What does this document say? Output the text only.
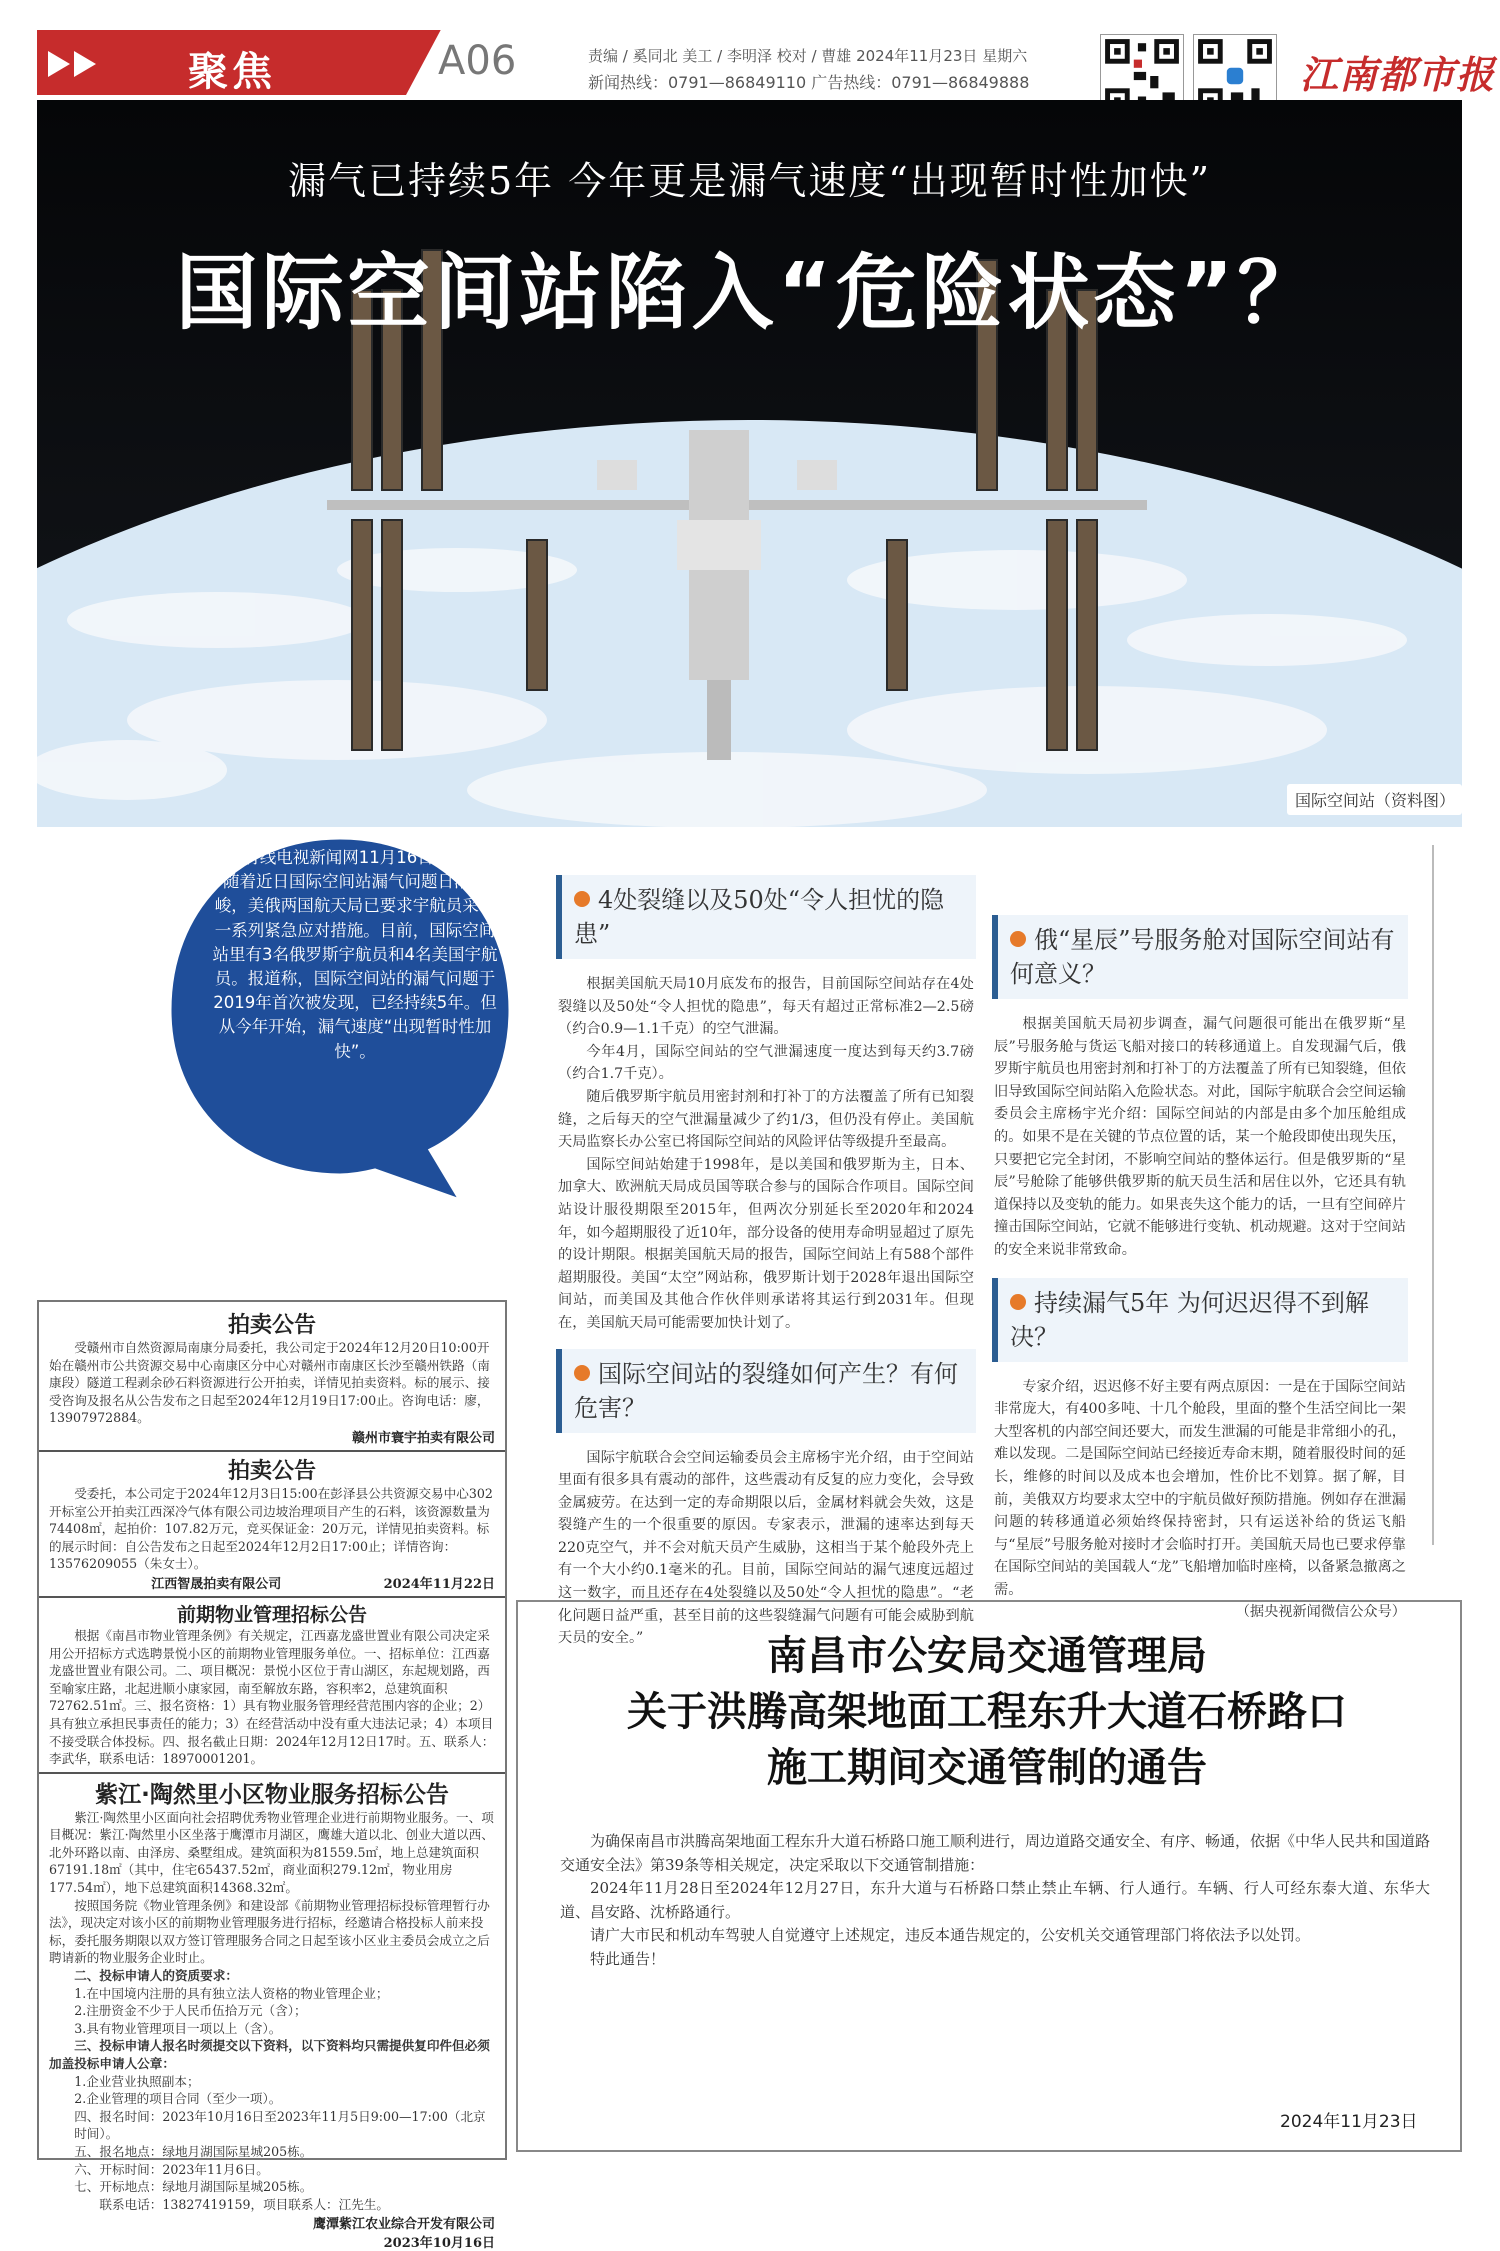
聚焦	A06	责编 / 奚同北 美工 / 李明泽 校对 / 曹雄 2024年11月23日 星期六
新闻热线：0791—86849110 广告热线：0791—86849888	江南都市报
漏气已持续5年 今年更是漏气速度“出现暂时性加快”
国际空间站陷入“危险状态”？
国际空间站（资料图）
美国有线电视新闻网11月16日报道称，随着近日国际空间站漏气问题日渐严峻，美俄两国航天局已要求宇航员采取一系列紧急应对措施。目前，国际空间站里有3名俄罗斯宇航员和4名美国宇航员。报道称，国际空间站的漏气问题于2019年首次被发现，已经持续5年。但从今年开始，漏气速度“出现暂时性加快”。
4处裂缝以及50处“令人担忧的隐患”

根据美国航天局10月底发布的报告，目前国际空间站存在4处裂缝以及50处“令人担忧的隐患”，每天有超过正常标准2—2.5磅（约合0.9—1.1千克）的空气泄漏。

今年4月，国际空间站的空气泄漏速度一度达到每天约3.7磅（约合1.7千克）。

随后俄罗斯宇航员用密封剂和打补丁的方法覆盖了所有已知裂缝，之后每天的空气泄漏量减少了约1/3，但仍没有停止。美国航天局监察长办公室已将国际空间站的风险评估等级提升至最高。

国际空间站始建于1998年，是以美国和俄罗斯为主，日本、加拿大、欧洲航天局成员国等联合参与的国际合作项目。国际空间站设计服役期限至2015年，但两次分别延长至2020年和2024年，如今超期服役了近10年，部分设备的使用寿命明显超过了原先的设计期限。根据美国航天局的报告，国际空间站上有588个部件超期服役。美国“太空”网站称，俄罗斯计划于2028年退出国际空间站，而美国及其他合作伙伴则承诺将其运行到2031年。但现在，美国航天局可能需要加快计划了。

国际空间站的裂缝如何产生？有何危害？

国际宇航联合会空间运输委员会主席杨宇光介绍，由于空间站里面有很多具有震动的部件，这些震动有反复的应力变化，会导致金属疲劳。在达到一定的寿命期限以后，金属材料就会失效，这是裂缝产生的一个很重要的原因。专家表示，泄漏的速率达到每天220克空气，并不会对航天员产生威胁，这相当于某个舱段外壳上有一个大小约0.1毫米的孔。目前，国际空间站的漏气速度远超过这一数字，而且还存在4处裂缝以及50处“令人担忧的隐患”。“老化问题日益严重，甚至目前的这些裂缝漏气问题有可能会威胁到航天员的安全。”

俄“星辰”号服务舱对国际空间站有何意义？

根据美国航天局初步调查，漏气问题很可能出在俄罗斯“星辰”号服务舱与货运飞船对接口的转移通道上。自发现漏气后，俄罗斯宇航员也用密封剂和打补丁的方法覆盖了所有已知裂缝，但依旧导致国际空间站陷入危险状态。对此，国际宇航联合会空间运输委员会主席杨宇光介绍：国际空间站的内部是由多个加压舱组成的。如果不是在关键的节点位置的话，某一个舱段即使出现失压，只要把它完全封闭，不影响空间站的整体运行。但是俄罗斯的“星辰”号舱除了能够供俄罗斯的航天员生活和居住以外，它还具有轨道保持以及变轨的能力。如果丧失这个能力的话，一旦有空间碎片撞击国际空间站，它就不能够进行变轨、机动规避。这对于空间站的安全来说非常致命。

持续漏气5年 为何迟迟得不到解决？

专家介绍，迟迟修不好主要有两点原因：一是在于国际空间站非常庞大，有400多吨、十几个舱段，里面的整个生活空间比一架大型客机的内部空间还要大，而发生泄漏的可能是非常细小的孔，难以发现。二是国际空间站已经接近寿命末期，随着服役时间的延长，维修的时间以及成本也会增加，性价比不划算。据了解，目前，美俄双方均要求太空中的宇航员做好预防措施。例如存在泄漏问题的转移通道必须始终保持密封，只有运送补给的货运飞船与“星辰”号服务舱对接时才会临时打开。美国航天局也已要求停靠在国际空间站的美国载人“龙”飞船增加临时座椅，以备紧急撤离之需。

（据央视新闻微信公众号）

拍卖公告

受赣州市自然资源局南康分局委托，我公司定于2024年12月20日10:00开始在赣州市公共资源交易中心南康区分中心对赣州市南康区长沙至赣州铁路（南康段）隧道工程剥余砂石料资源进行公开拍卖，详情见拍卖资料。标的展示、接受咨询及报名从公告发布之日起至2024年12月19日17:00止。咨询电话：廖，13907972884。

赣州市寰宇拍卖有限公司

拍卖公告

受委托，本公司定于2024年12月3日15:00在彭泽县公共资源交易中心302开标室公开拍卖江西深冷气体有限公司边坡治理项目产生的石料，该资源数量为74408㎡，起拍价：107.82万元，竞买保证金：20万元，详情见拍卖资料。标的展示时间：自公告发布之日起至2024年12月2日17:00止；详情咨询：13576209055（朱女士）。

江西智晟拍卖有限公司	2024年11月22日

前期物业管理招标公告

根据《南昌市物业管理条例》有关规定，江西嘉龙盛世置业有限公司决定采用公开招标方式选聘景悦小区的前期物业管理服务单位。一、招标单位：江西嘉龙盛世置业有限公司。二、项目概况：景悦小区位于青山湖区，东起规划路，西至喻家庄路，北起进顺小康家园，南至解放东路，容积率2，总建筑面积72762.51㎡。三、报名资格：1）具有物业服务管理经营范围内容的企业；2）具有独立承担民事责任的能力；3）在经营活动中没有重大违法记录；4）本项目不接受联合体投标。四、报名截止日期：2024年12月12日17时。五、联系人：李武华，联系电话：18970001201。

紫江·陶然里小区物业服务招标公告

紫江·陶然里小区面向社会招聘优秀物业管理企业进行前期物业服务。一、项目概况：紫江·陶然里小区坐落于鹰潭市月湖区，鹰雄大道以北、创业大道以西、北外环路以南、由泽房、桑墅组成。建筑面积为81559.5㎡，地上总建筑面积67191.18㎡（其中，住宅65437.52㎡，商业面积279.12㎡，物业用房177.54㎡），地下总建筑面积14368.32㎡。

按照国务院《物业管理条例》和建设部《前期物业管理招标投标管理暂行办法》，现决定对该小区的前期物业管理服务进行招标，经邀请合格投标人前来投标，委托服务期限以双方签订管理服务合同之日起至该小区业主委员会成立之后聘请新的物业服务企业时止。

二、投标申请人的资质要求：

1.在中国境内注册的具有独立法人资格的物业管理企业；

2.注册资金不少于人民币伍拾万元（含）；

3.具有物业管理项目一项以上（含）。

三、投标申请人报名时须提交以下资料，以下资料均只需提供复印件但必须加盖投标申请人公章：

1.企业营业执照副本；

2.企业管理的项目合同（至少一项）。

四、报名时间：2023年10月16日至2023年11月5日9:00—17:00（北京时间）。

五、报名地点：绿地月湖国际星城205栋。

六、开标时间：2023年11月6日。

七、开标地点：绿地月湖国际星城205栋。

联系电话：13827419159，项目联系人：江先生。

鹰潭紫江农业综合开发有限公司

2023年10月16日

南昌市公安局交通管理局
关于洪腾高架地面工程东升大道石桥路口
施工期间交通管制的通告

为确保南昌市洪腾高架地面工程东升大道石桥路口施工顺利进行，周边道路交通安全、有序、畅通，依据《中华人民共和国道路交通安全法》第39条等相关规定，决定采取以下交通管制措施：

2024年11月28日至2024年12月27日，东升大道与石桥路口禁止禁止车辆、行人通行。车辆、行人可经东泰大道、东华大道、昌安路、沈桥路通行。

请广大市民和机动车驾驶人自觉遵守上述规定，违反本通告规定的，公安机关交通管理部门将依法予以处罚。

特此通告！

2024年11月23日
